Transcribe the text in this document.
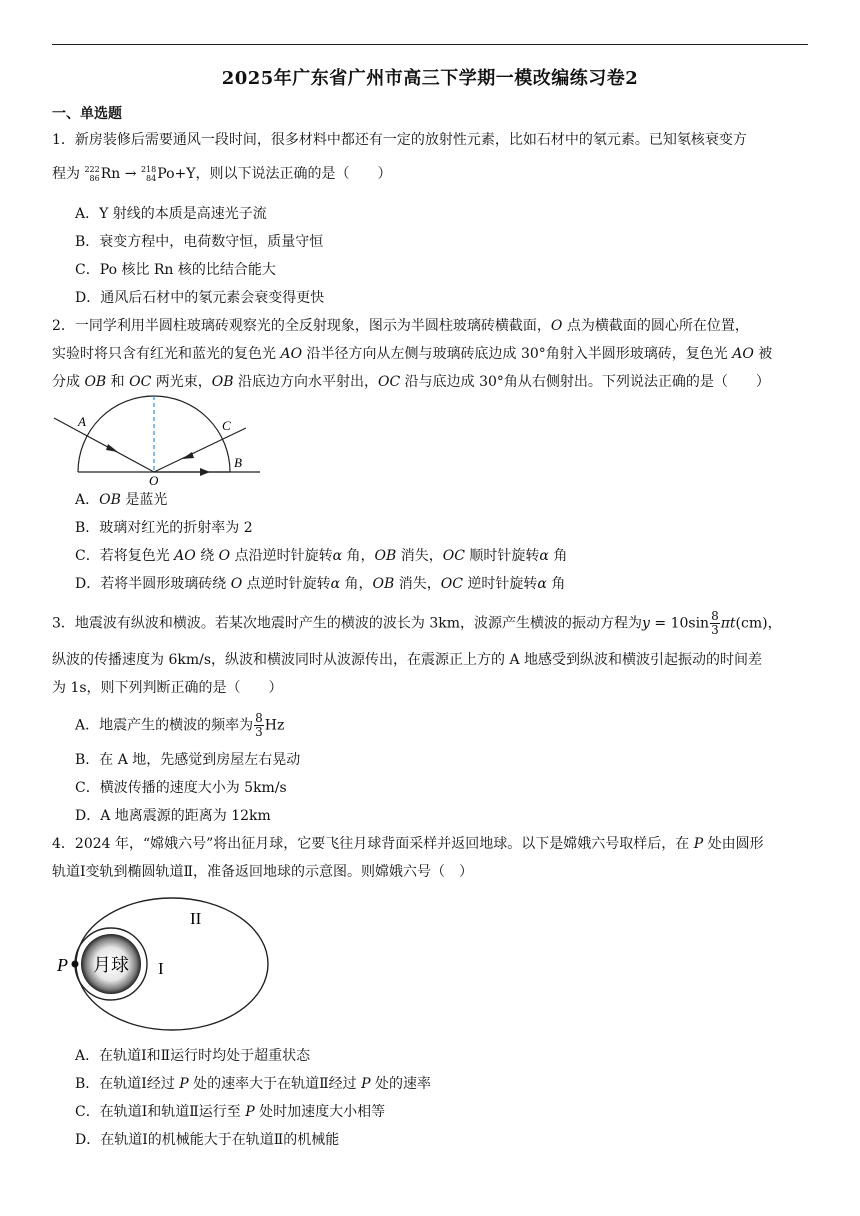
2025年广东省广州市高三下学期一模改编练习卷2
一、单选题
1．新房装修后需要通风一段时间，很多材料中都还有一定的放射性元素，比如石材中的氡元素。已知氡核衰变方
程为 222
86 Rn → 218
84 Po+Y，则以下说法正确的是（　　）
A．Y 射线的本质是高速光子流
B．衰变方程中，电荷数守恒，质量守恒
C．Po 核比 Rn 核的比结合能大
D．通风后石材中的氡元素会衰变得更快
2．一同学利用半圆柱玻璃砖观察光的全反射现象，图示为半圆柱玻璃砖横截面，O 点为横截面的圆心所在位置，
实验时将只含有红光和蓝光的复色光 AO 沿半径方向从左侧与玻璃砖底边成 30°角射入半圆形玻璃砖，复色光 AO 被
分成 OB 和 OC 两光束，OB 沿底边方向水平射出，OC 沿与底边成 30°角从右侧射出。下列说法正确的是（　　）
A	C
B
O
A．OB 是蓝光
B．玻璃对红光的折射率为 2
C．若将复色光 AO 绕 O 点沿逆时针旋转α 角，OB 消失，OC 顺时针旋转α 角
D．若将半圆形玻璃砖绕 O 点逆时针旋转α 角，OB 消失，OC 逆时针旋转α 角
3．地震波有纵波和横波。若某次地震时产生的横波的波长为 3km，波源产生横波的振动方程为$y = 10\sin \frac{8}{3} \pi t(cm)$，
纵波的传播速度为 6km/s，纵波和横波同时从波源传出，在震源正上方的 A 地感受到纵波和横波引起振动的时间差
为 1s，则下列判断正确的是（　　）
A．地震产生的横波的频率为 $\frac{8}{3}$ Hz
B．在 A 地，先感觉到房屋左右晃动
C．横波传播的速度大小为 5km/s
D．A 地离震源的距离为 12km
4．2024 年，“嫦娥六号”将出征月球，它要飞往月球背面采样并返回地球。以下是嫦娥六号取样后，在 P 处由圆形
轨道Ⅰ变轨到椭圆轨道Ⅱ，准备返回地球的示意图。则嫦娥六号（　）
月球
P	I
II
A．在轨道Ⅰ和Ⅱ运行时均处于超重状态
B．在轨道Ⅰ经过 P 处的速率大于在轨道Ⅱ经过 P 处的速率
C．在轨道Ⅰ和轨道Ⅱ运行至 P 处时加速度大小相等
D．在轨道Ⅰ的机械能大于在轨道Ⅱ的机械能
